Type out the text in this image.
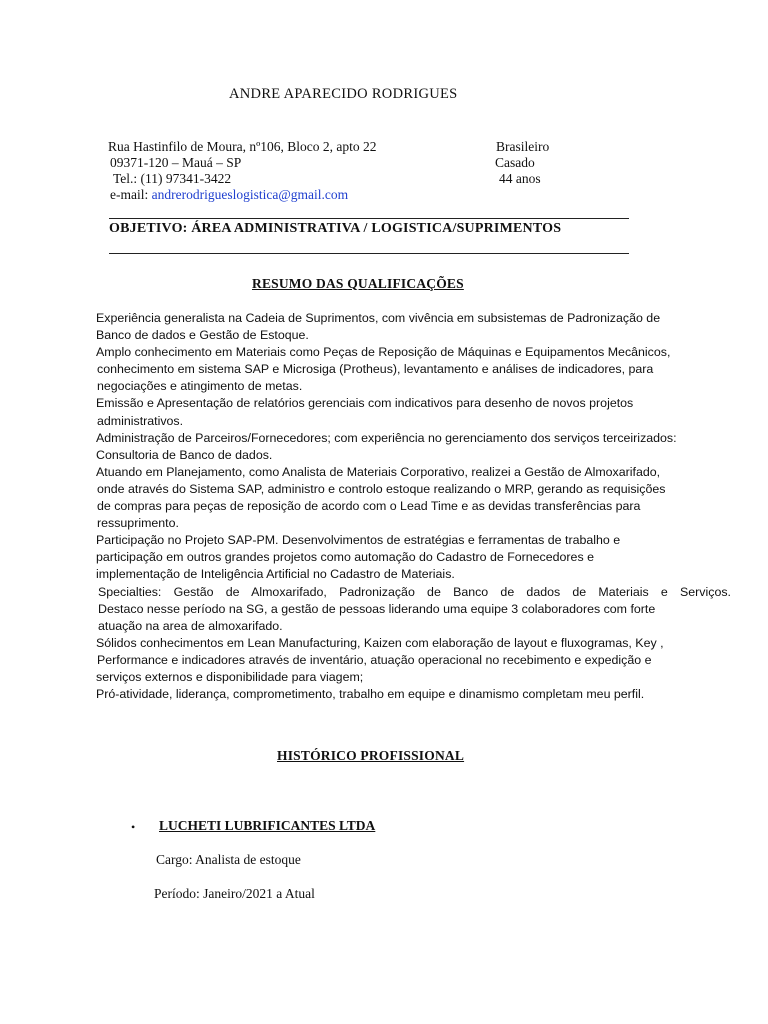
ANDRE APARECIDO RODRIGUES
Rua Hastinfilo de Moura, nº106, Bloco 2, apto 22
09371-120 – Mauá – SP
Tel.: (11) 97341-3422
e-mail: andrerodrigueslogistica@gmail.com
Brasileiro
Casado
44 anos
OBJETIVO: ÁREA ADMINISTRATIVA / LOGISTICA/SUPRIMENTOS
RESUMO DAS QUALIFICAÇÕES
Experiência generalista na Cadeia de Suprimentos, com vivência em subsistemas de Padronização de
Banco de dados e Gestão de Estoque.
Amplo conhecimento em Materiais como Peças de Reposição de Máquinas e Equipamentos Mecânicos,
conhecimento em sistema SAP e Microsiga (Protheus), levantamento e análises de indicadores, para
negociações e atingimento de metas.
Emissão e Apresentação de relatórios gerenciais com indicativos para desenho de novos projetos
administrativos.
Administração de Parceiros/Fornecedores; com experiência no gerenciamento dos serviços terceirizados:
Consultoria de Banco de dados.
Atuando em Planejamento, como Analista de Materiais Corporativo, realizei a Gestão de Almoxarifado,
onde através do Sistema SAP, administro e controlo estoque realizando o MRP, gerando as requisições
de compras para peças de reposição de acordo com o Lead Time e as devidas transferências para
ressuprimento.
Participação no Projeto SAP-PM. Desenvolvimentos de estratégias e ferramentas de trabalho e
participação em outros grandes projetos como automação do Cadastro de Fornecedores e
implementação de Inteligência Artificial no Cadastro de Materiais.
Specialties: Gestão de Almoxarifado, Padronização de Banco de dados de Materiais e Serviços.
Destaco nesse período na SG, a gestão de pessoas liderando uma equipe 3 colaboradores com forte
atuação na area de almoxarifado.
Sólidos conhecimentos em Lean Manufacturing, Kaizen com elaboração de layout e fluxogramas, Key ,
Performance e indicadores através de inventário, atuação operacional no recebimento e expedição e
serviços externos e disponibilidade para viagem;
Pró-atividade, liderança, comprometimento, trabalho em equipe e dinamismo completam meu perfil.
HISTÓRICO PROFISSIONAL
• LUCHETI LUBRIFICANTES LTDA
Cargo: Analista de estoque
Período: Janeiro/2021 a Atual
